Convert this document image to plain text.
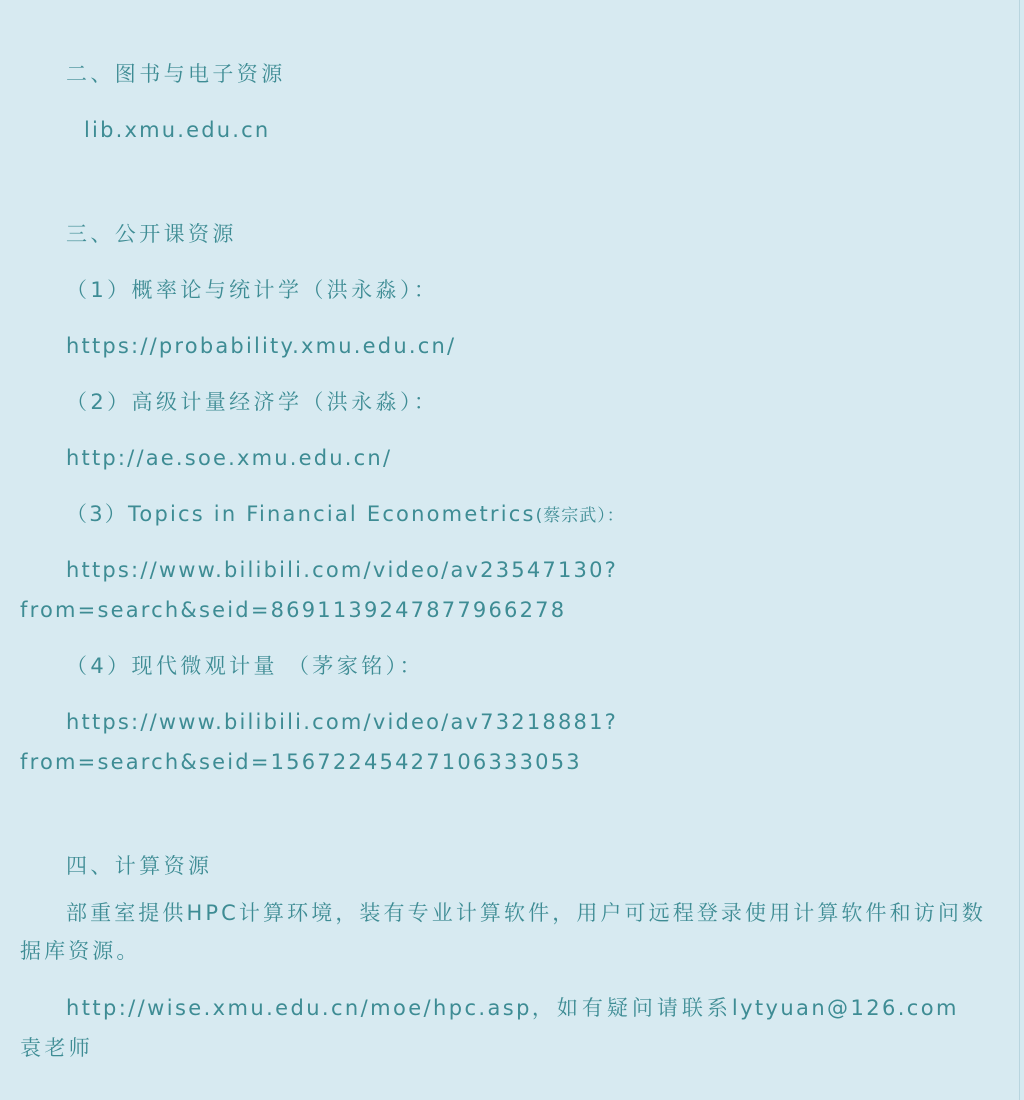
二、图书与电子资源
lib.xmu.edu.cn
三、公开课资源
（1）概率论与统计学（洪永淼）：
https://probability.xmu.edu.cn/
（2）高级计量经济学（洪永淼）：
http://ae.soe.xmu.edu.cn/
（3）Topics in Financial Econometrics(蔡宗武）：
https://www.bilibili.com/video/av23547130?
from=search&seid=8691139247877966278
（4）现代微观计量 （茅家铭）：
https://www.bilibili.com/video/av73218881?
from=search&seid=15672245427106333053
四、计算资源
部重室提供HPC计算环境，装有专业计算软件，用户可远程登录使用计算软件和访问数据库资源。
http://wise.xmu.edu.cn/moe/hpc.asp，如有疑问请联系lytyuan@126.com
袁老师
